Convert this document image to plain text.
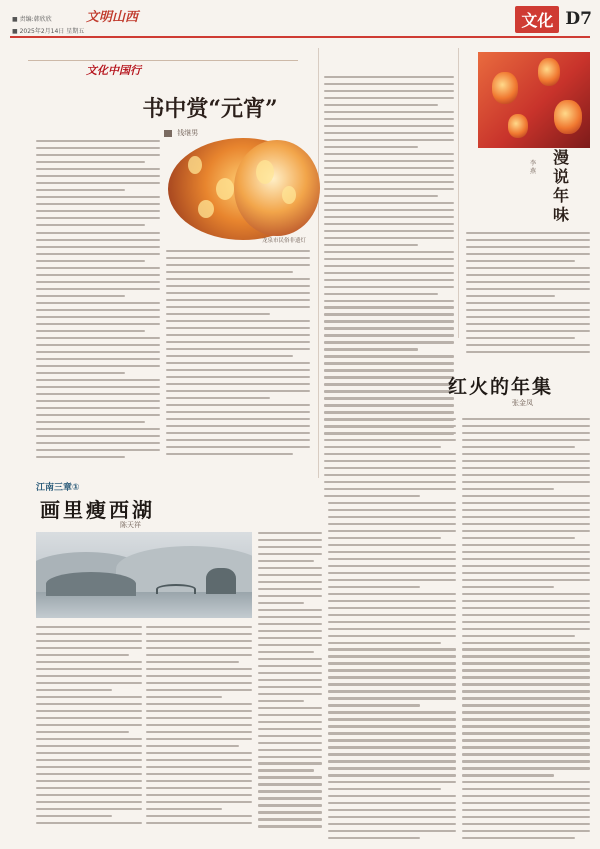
■ 责编:韩欣欣
■ 2025年2月14日 星期五
文明山西	文化 D7
文化中国行
书中赏“元宵”
钱继男
龙泉市民俗非遗灯
漫说年味
李燕
红火的年集
张金凤
江南三章①
画里瘦西湖
陈天祥
